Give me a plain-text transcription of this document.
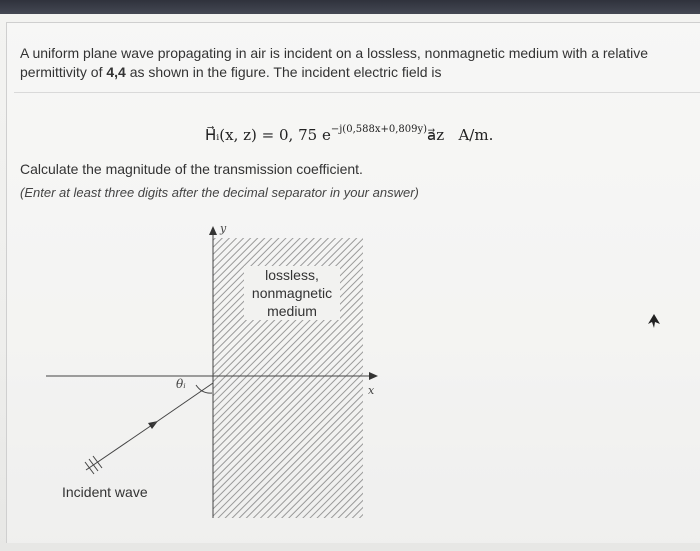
A uniform plane wave propagating in air is incident on a lossless, nonmagnetic medium with a relative
permittivity of 4,4 as shown in the figure. The incident electric field is
H⃗ᵢ(x, z) = 0, 75 $e^{-j(0,588x+0,809y)}a⃗z$ A/m.
Calculate the magnitude of the transmission coefficient.
(Enter at least three digits after the decimal separator in your answer)
lossless,
nonmagnetic
medium
y
x
θᵢ
Incident wave
